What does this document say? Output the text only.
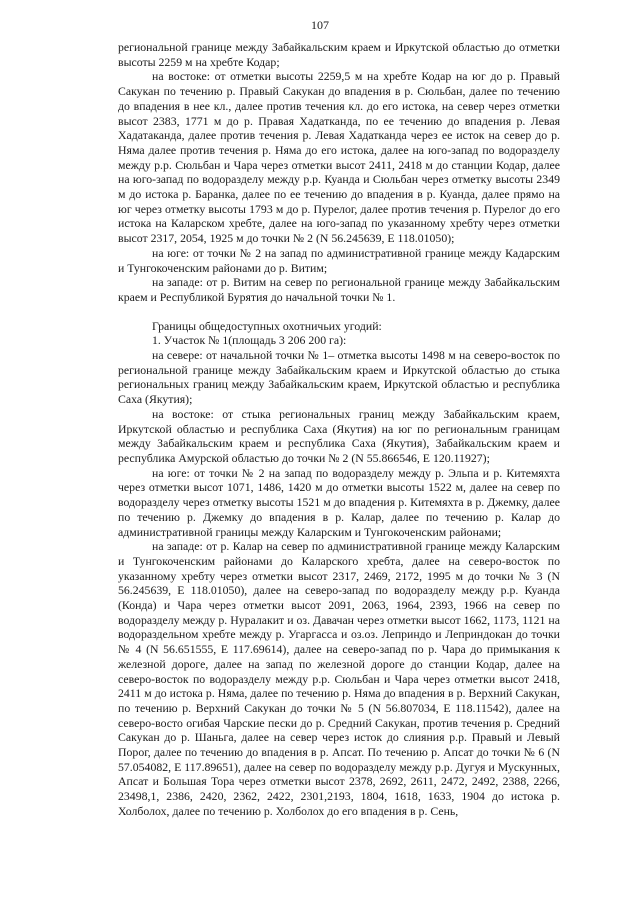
107

региональной границе между Забайкальским краем и Иркутской областью до отметки высоты 2259 м на хребте Кодар;

на востоке: от отметки высоты 2259,5 м на хребте Кодар на юг до р. Правый Сакукан по течению р. Правый Сакукан до впадения в р. Сюльбан, далее по течению до впадения в нее кл., далее против течения кл. до его истока, на север через отметки высот 2383, 1771 м до р. Правая Хадатканда, по ее течению до впадения р. Левая Хадатаканда, далее против течения р. Левая Хадатканда через ее исток на север до р. Няма далее против течения р. Няма до его истока, далее на юго-запад по водоразделу между р.р. Сюльбан и Чара через отметки высот 2411, 2418 м до станции Кодар, далее на юго-запад по водоразделу между р.р. Куанда и Сюльбан через отметку высоты 2349 м до истока р. Баранка, далее по ее течению до впадения в р. Куанда, далее прямо на юг через отметку высоты 1793 м до р. Пурелог, далее против течения р. Пурелог до его истока на Каларском хребте, далее на юго-запад по указанному хребту через отметки высот 2317, 2054, 1925 м до точки № 2 (N 56.245639, E 118.01050);

на юге: от точки № 2 на запад по административной границе между Кадарским и Тунгокоченским районами до р. Витим;

на западе: от р. Витим на север по региональной границе между Забайкальским краем и Республикой Бурятия до начальной точки № 1.

Границы общедоступных охотничьих угодий:

1. Участок № 1(площадь 3 206 200 га):

на севере: от начальной точки № 1– отметка высоты 1498 м на северо-восток по региональной границе между Забайкальским краем и Иркутской областью до стыка региональных границ между Забайкальским краем, Иркутской областью и республика Саха (Якутия);

на востоке: от стыка региональных границ между Забайкальским краем, Иркутской областью и республика Саха (Якутия) на юг по региональным границам между Забайкальским краем и республика Саха (Якутия), Забайкальским краем и республика Амурской областью до точки № 2 (N 55.866546, E 120.11927);

на юге: от точки № 2 на запад по водоразделу между р. Эльпа и р. Китемяхта через отметки высот 1071, 1486, 1420 м до отметки высоты 1522 м, далее на север по водоразделу через отметку высоты 1521 м до впадения р. Китемяхта в р. Джемку, далее по течению р. Джемку до впадения в р. Калар, далее по течению р. Калар до административной границы между Каларским и Тунгокоченским районами;

на западе: от р. Калар на север по административной границе между Каларским и Тунгокоченским районами до Каларского хребта, далее на северо-восток по указанному хребту через отметки высот 2317, 2469, 2172, 1995 м до точки № 3 (N 56.245639, E 118.01050), далее на северо-запад по водоразделу между р.р. Куанда (Конда) и Чара через отметки высот 2091, 2063, 1964, 2393, 1966 на север по водоразделу между р. Нуралакит и оз. Давачан через отметки высот 1662, 1173, 1121 на водораздельном хребте между р. Угаргасса и оз.оз. Леприндо и Леприндокан до точки № 4 (N 56.651555, E 117.69614), далее на северо-запад по р. Чара до примыкания к железной дороге, далее на запад по железной дороге до станции Кодар, далее на северо-восток по водоразделу между р.р. Сюльбан и Чара через отметки высот 2418, 2411 м до истока р. Няма, далее по течению р. Няма до впадения в р. Верхний Сакукан, по течению р. Верхний Сакукан до точки № 5 (N 56.807034, E 118.11542), далее на северо-восто огибая Чарские пески до р. Средний Сакукан, против течения р. Средний Сакукан до р. Шаньга, далее на север через исток до слияния р.р. Правый и Левый Порог, далее по течению до впадения в р. Апсат. По течению р. Апсат до точки № 6 (N 57.054082, E 117.89651), далее на север по водоразделу между р.р. Дугуя и Мускунных, Апсат и Большая Тора через отметки высот 2378, 2692, 2611, 2472, 2492, 2388, 2266, 23498,1, 2386, 2420, 2362, 2422, 2301,2193, 1804, 1618, 1633, 1904 до истока р. Холболох, далее по течению р. Холболох до его впадения в р. Сень,
